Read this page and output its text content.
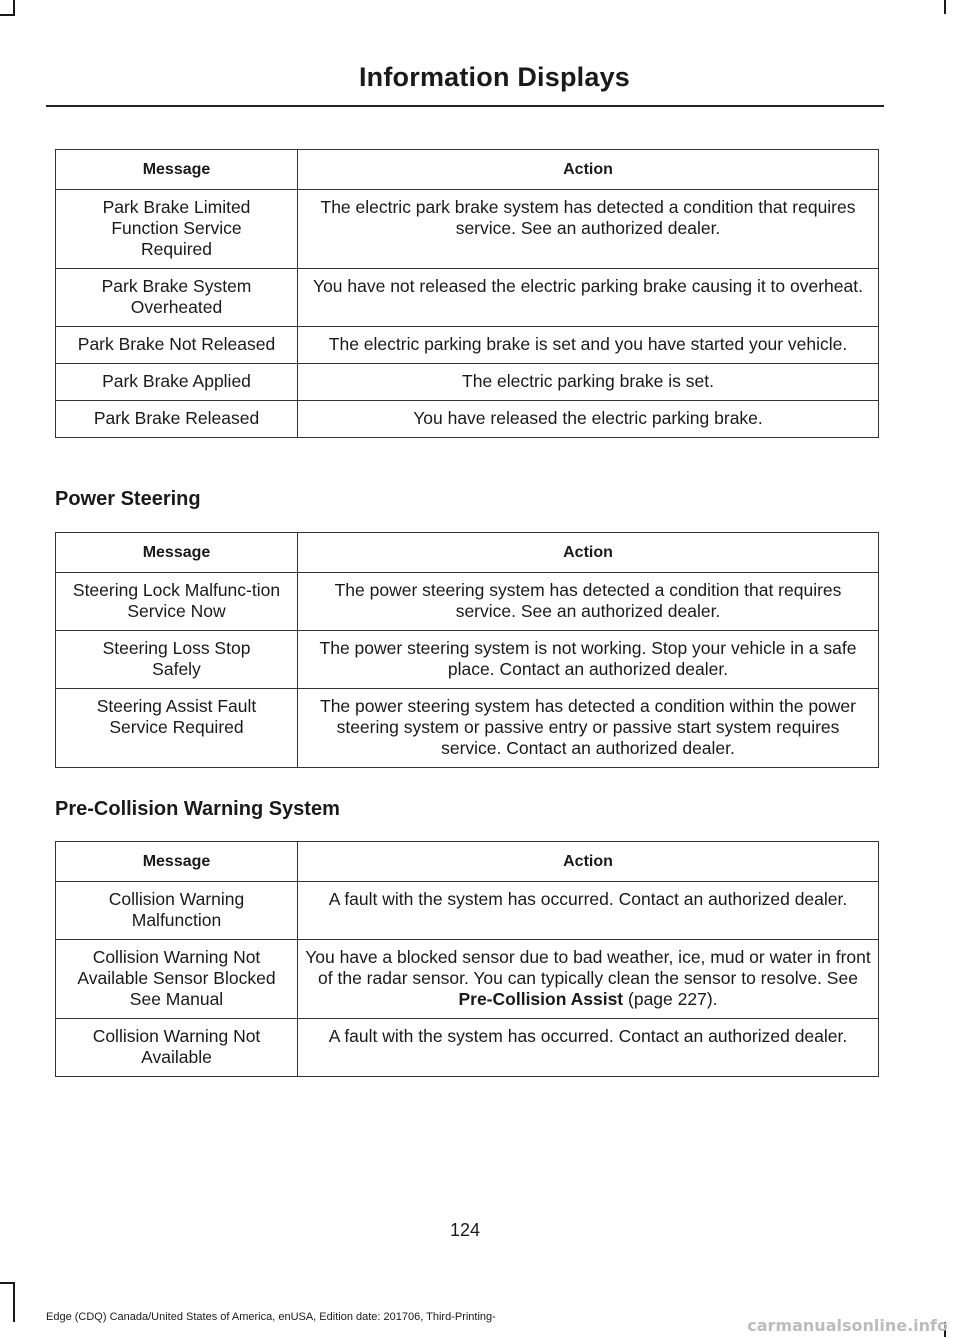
Information Displays
Message	Action
Park Brake Limited Function Service Required	The electric park brake system has detected a condition that requires service. See an authorized dealer.
Park Brake System Overheated	You have not released the electric parking brake causing it to overheat.
Park Brake Not Released	The electric parking brake is set and you have started your vehicle.
Park Brake Applied	The electric parking brake is set.
Park Brake Released	You have released the electric parking brake.
Power Steering
Message	Action
Steering Lock Malfunc-tion Service Now	The power steering system has detected a condition that requires service. See an authorized dealer.
Steering Loss Stop Safely	The power steering system is not working. Stop your vehicle in a safe place. Contact an authorized dealer.
Steering Assist Fault Service Required	The power steering system has detected a condition within the power steering system or passive entry or passive start system requires service. Contact an authorized dealer.
Pre-Collision Warning System
Message	Action
Collision Warning Malfunction	A fault with the system has occurred. Contact an authorized dealer.
Collision Warning Not Available Sensor Blocked See Manual	You have a blocked sensor due to bad weather, ice, mud or water in front of the radar sensor. You can typically clean the sensor to resolve. See Pre-Collision Assist (page 227).
Collision Warning Not Available	A fault with the system has occurred. Contact an authorized dealer.
124
Edge (CDQ) Canada/United States of America, enUSA, Edition date: 201706, Third-Printing-	carmanualsonline.info
